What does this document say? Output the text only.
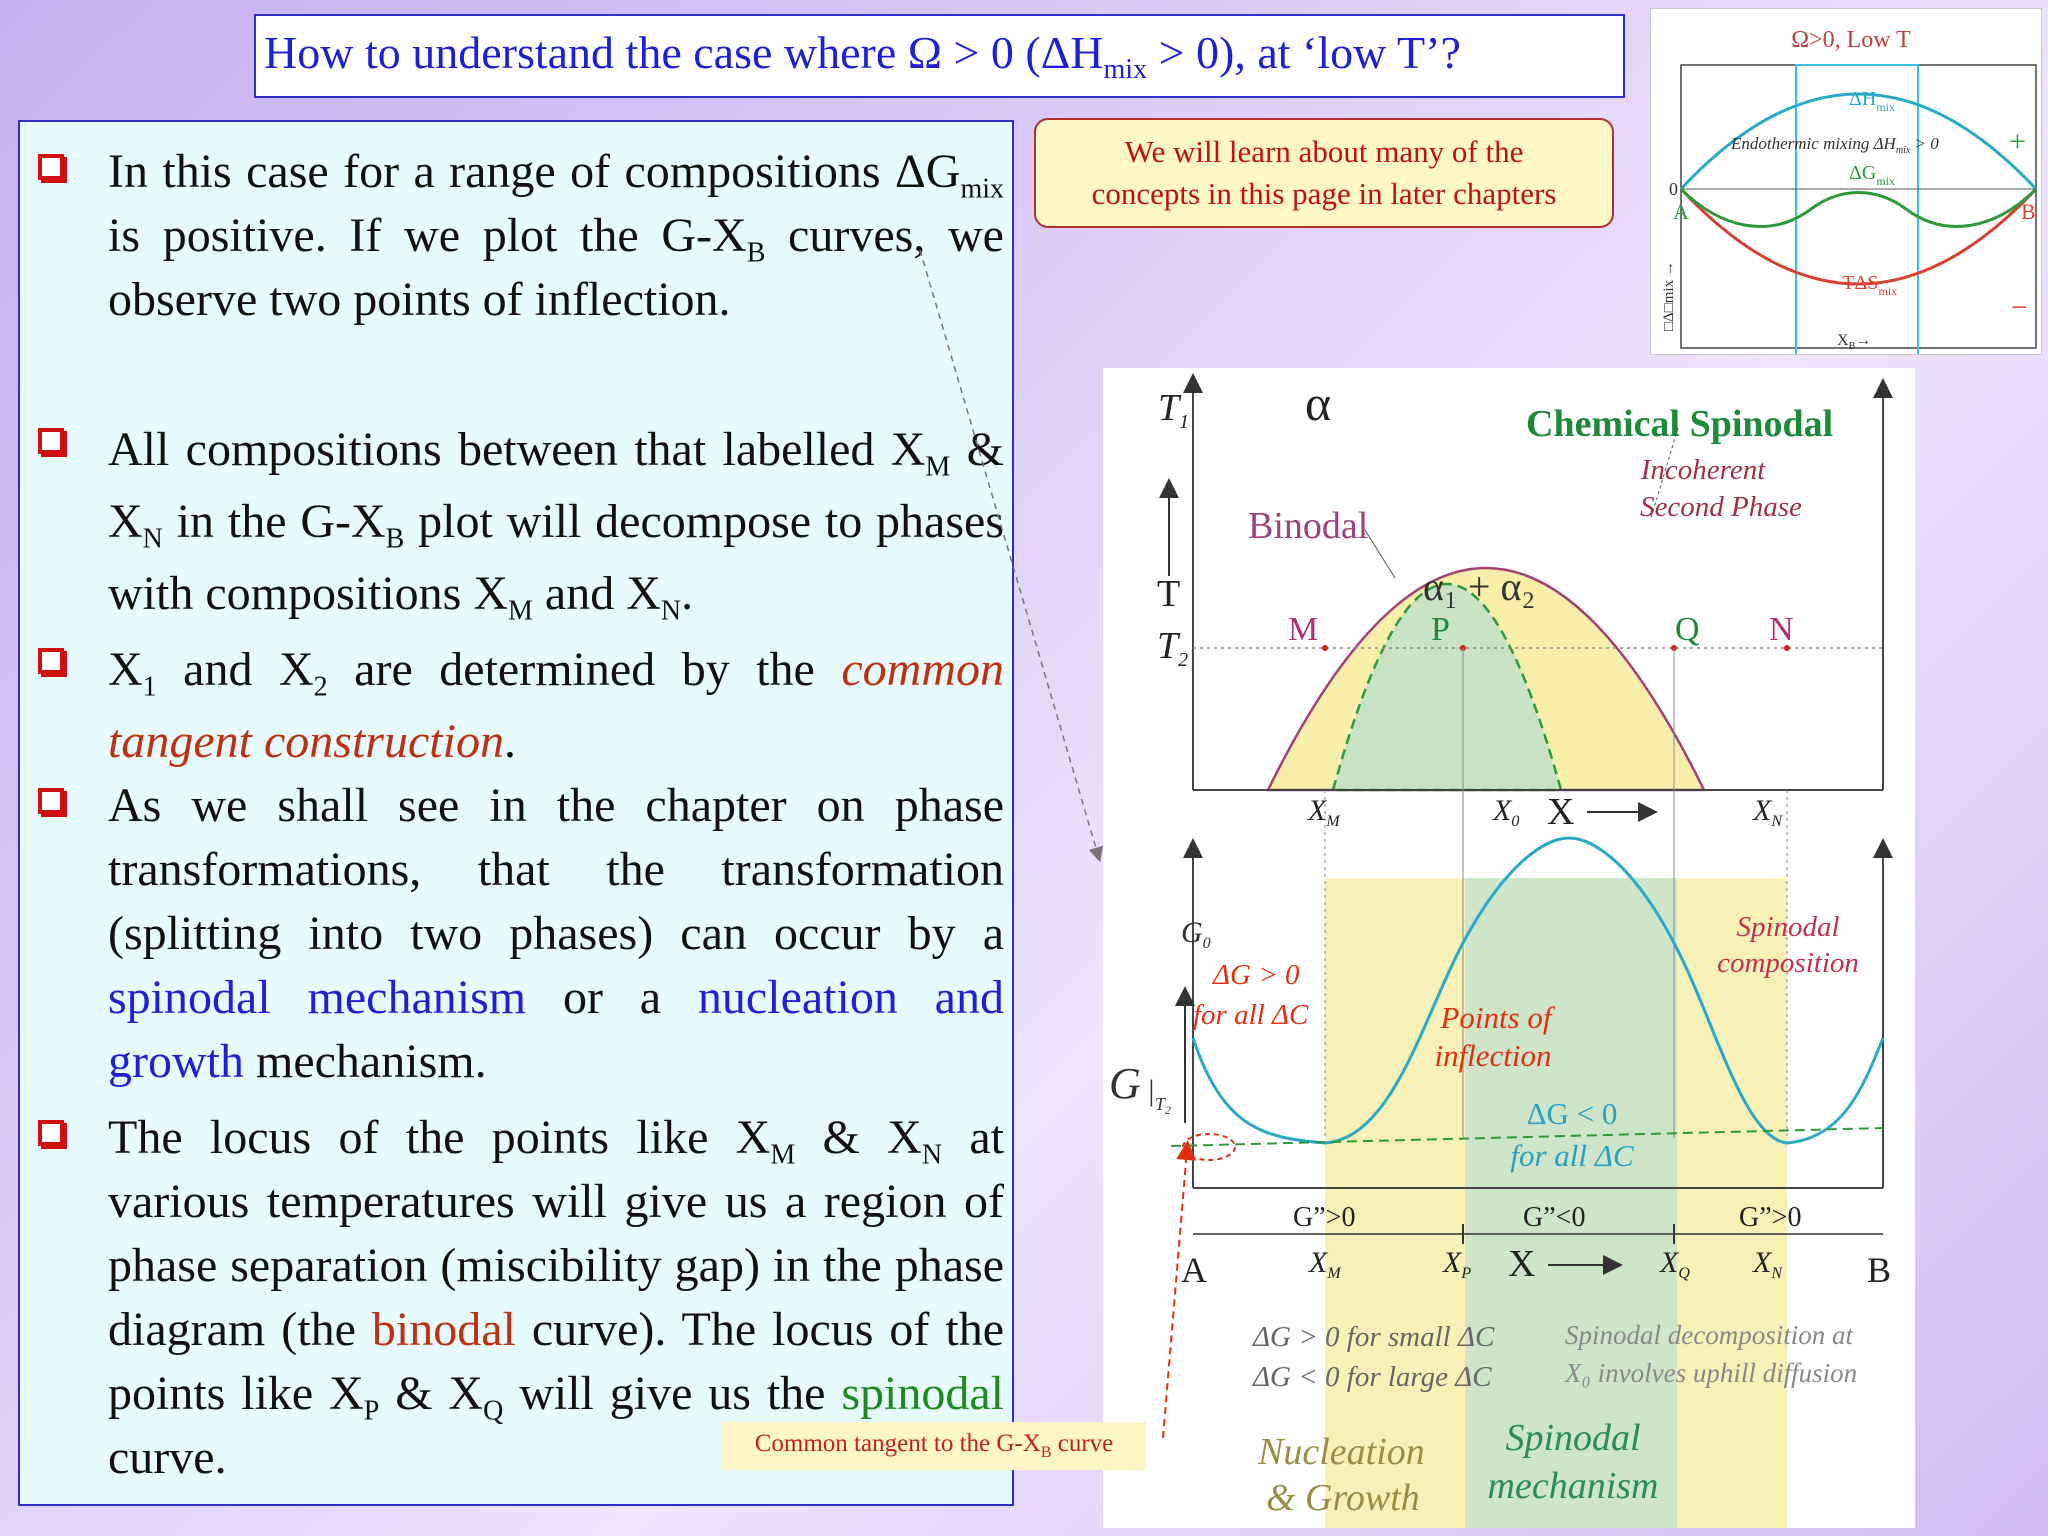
How to understand the case where Ω > 0 $(\Delta H_{mix} > 0)$, at ‘low T’?
In this case for a range of compositions $\Delta G_{mix}$ is positive. If we plot the $G-X_B$ curves, we observe two points of inflection.
All compositions between that labelled $X_M$ & $X_N$ in the $G-X_B$ plot will decompose to phases with compositions $X_M$ and $X_N$.
$X_1$ and $X_2$ are determined by the common tangent construction.
As we shall see in the chapter on phase transformations, that the transformation (splitting into two phases) can occur by a spinodal mechanism or a nucleation and growth mechanism.
The locus of the points like $X_M$ & $X_N$ at various temperatures will give us a region of phase separation (miscibility gap) in the phase diagram (the binodal curve). The locus of the points like $X_P$ & $X_Q$ will give us the spinodal curve.
We will learn about many of the
concepts in this page in later chapters
Ω>0, Low T
$\Delta H_{mix}$
Endothermic mixing $\Delta H_{mix} > 0$
$\Delta G_{mix}$
$-T\Delta S_{mix}$
0
A	B
+
−
$X_B\to$
□Δ□mix →
$T_1$ α	Chemical Spinodal
Incoherent
Second Phase
Binodal
T
$T_2$
α₁ + α₂
M	P	Q N
$X_M$	$X_0$ X	$X_N$
$G_0$
ΔG > 0
for all ΔC
G $|_T2$
Points of
inflection
Spinodal
composition
ΔG < 0
for all ΔC
G”>0	G”<0	G”>0
A	$X_M$	$X_P$ X	$X_Q$ $X_N$ B
ΔG > 0 for small ΔC
ΔG < 0 for large ΔC
Spinodal decomposition at
X₀ involves uphill diffusion
Nucleation
& Growth
Spinodal
mechanism
Common tangent to the $G-X_B$ curve
